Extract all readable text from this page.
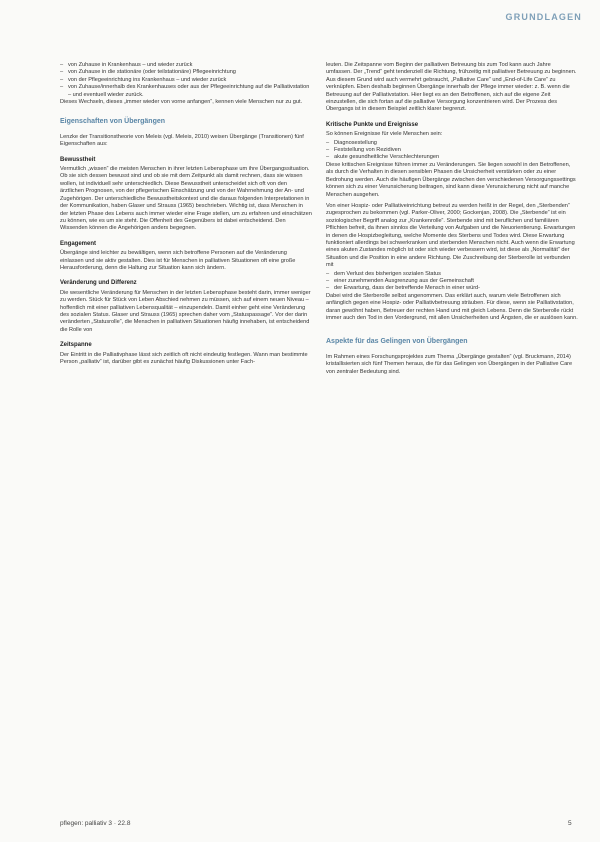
GRUNDLAGEN
– von Zuhause in Krankenhaus – und wieder zurück
– von Zuhause in die stationäre (oder teilstationäre) Pflegeeinrichtung
– von der Pflegeeinrichtung ins Krankenhaus – und wieder zurück
– von Zuhause/innerhalb des Krankenhauses oder aus der Pflegeeinrichtung auf die Palliativstation – und eventuell wieder zurück.

Dieses Wechseln, dieses „immer wieder von vorne anfangen“, kennen viele Menschen nur zu gut.

Eigenschaften von Übergängen

Lenzke der Transitionstheorie von Meleis (vgl. Meleis, 2010) weisen Übergänge (Transitionen) fünf Eigenschaften aus:

Bewusstheit

Vermutlich „wissen“ die meisten Menschen in ihrer letzten Lebensphase um ihre Übergangssituation. Ob sie sich dessen bewusst sind und ob sie mit dem Zeitpunkt als damit rechnen, dass sie wissen wollen, ist individuell sehr unterschiedlich. Diese Bewusstheit unterscheidet sich oft von den ärztlichen Prognosen, von der pflegerischen Einschätzung und von der Wahrnehmung der An- und Zugehörigen. Der unterschiedliche Bewusstheitskontext und die daraus folgenden Interpretationen in der Kommunikation, haben Glaser und Strauss (1965) beschrieben. Wichtig ist, dass Menschen in der letzten Phase des Lebens auch immer wieder eine Frage stellen, um zu erfahren und einschätzen zu können, wie es um sie steht. Die Offenheit des Gegenübers ist dabei entscheidend. Den Wissenden können die Angehörigen anders begegnen.

Engagement

Übergänge sind leichter zu bewältigen, wenn sich betroffene Personen auf die Veränderung einlassen und sie aktiv gestalten. Dies ist für Menschen in palliativen Situationen oft eine große Herausforderung, denn die Haltung zur Situation kann sich ändern.

Veränderung und Differenz

Die wesentliche Veränderung für Menschen in der letzten Lebensphase besteht darin, immer weniger zu werden. Stück für Stück von Leben Abschied nehmen zu müssen, sich auf einem neuen Niveau – hoffentlich mit einer palliativen Lebensqualität – einzupendeln. Damit einher geht eine Veränderung des sozialen Status. Glaser und Strauss (1965) sprechen daher vom „Statuspassage“. Vor der darin veränderten „Statusrolle“, die Menschen in palliativen Situationen häufig innehaben, ist entscheidend die Rolle von

Zeitspanne

Der Eintritt in die Palliativphase lässt sich zeitlich oft nicht eindeutig festlegen. Wann man bestimmte Person „palliativ“ ist, darüber gibt es zunächst häufig Diskussionen unter Fach-

leuten. Die Zeitspanne vom Beginn der palliativen Betreuung bis zum Tod kann auch Jahre umfassen. Der „Trend“ geht tendenziell die Richtung, frühzeitig mit palliativer Betreuung zu beginnen. Aus diesem Grund wird auch vermehrt gebraucht, „Palliative Care“ und „End-of-Life Care“ zu verknüpfen. Eben deshalb beginnen Übergänge innerhalb der Pflege immer wieder: z. B. wenn die Betreuung auf der Palliativstation. Hier liegt es an den Betroffenen, sich auf die eigene Zeit einzustellen, die sich fortan auf die palliative Versorgung konzentrieren wird. Der Prozess des Übergangs ist in diesem Beispiel zeitlich klarer begrenzt.

Kritische Punkte und Ereignisse

So können Ereignisse für viele Menschen sein:

– Diagnosestellung
– Feststellung von Rezidiven
– akute gesundheitliche Verschlechterungen

Diese kritischen Ereignisse führen immer zu Veränderungen. Sie liegen sowohl in den Betroffenen, als durch die Verhalten in diesen sensiblen Phasen die Unsicherheit verstärken oder zu einer Bedrohung werden. Auch die häufigen Übergänge zwischen den verschiedenen Versorgungssettings können sich zu einer Verunsicherung beitragen, sind kann diese Verunsicherung nicht auf manche Menschen ausgehen.

Von einer Hospiz- oder Palliativeinrichtung betreut zu werden heißt in der Regel, den „Sterbenden“ zugesprochen zu bekommen (vgl. Parker-Oliver, 2000; Gockenjan, 2008). Die „Sterbende“ ist ein soziologischer Begriff analog zur „Krankenrolle“. Sterbende sind mit beruflichen und familiären Pflichten befreit, da ihnen sinnlos die Verteilung von Aufgaben und die Neuorientierung. Erwartungen in denen die Hospizbegleitung, welche Momente des Sterbens und Todes wird. Diese Erwartung funktioniert allerdings bei schwerkranken und sterbenden Menschen nicht. Auch wenn die Erwartung eines akuten Zustandes möglich ist oder sich wieder verbessern wird, ist diese als „Normalität“ der Situation und die Position in eine andere Richtung. Die Zuschreibung der Sterberolle ist verbunden mit

– dem Verlust des bisherigen sozialen Status
– einer zunehmenden Ausgrenzung aus der Gemeinschaft
– der Erwartung, dass der betreffende Mensch in einer würd-

Dabei wird die Sterberolle selbst angenommen. Das erklärt auch, warum viele Betroffenen sich anfänglich gegen eine Hospiz- oder Palliativbetreuung sträuben. Für diese, wenn sie Palliativstation, daran gewöhnt haben, Betreuer der rechten Hand und mit gleich Lebens. Denn die Sterberolle rückt immer auch den Tod in den Vordergrund, mit allen Unsicherheiten und Ängsten, die er auslösen kann.

Aspekte für das Gelingen von Übergängen

Im Rahmen eines Forschungsprojektes zum Thema „Übergänge gestalten“ (vgl. Bruckmann, 2014) kristallisierten sich fünf Themen heraus, die für das Gelingen von Übergängen in der Palliative Care von zentraler Bedeutung sind.

pflegen: palliativ 3 · 22.8	5
